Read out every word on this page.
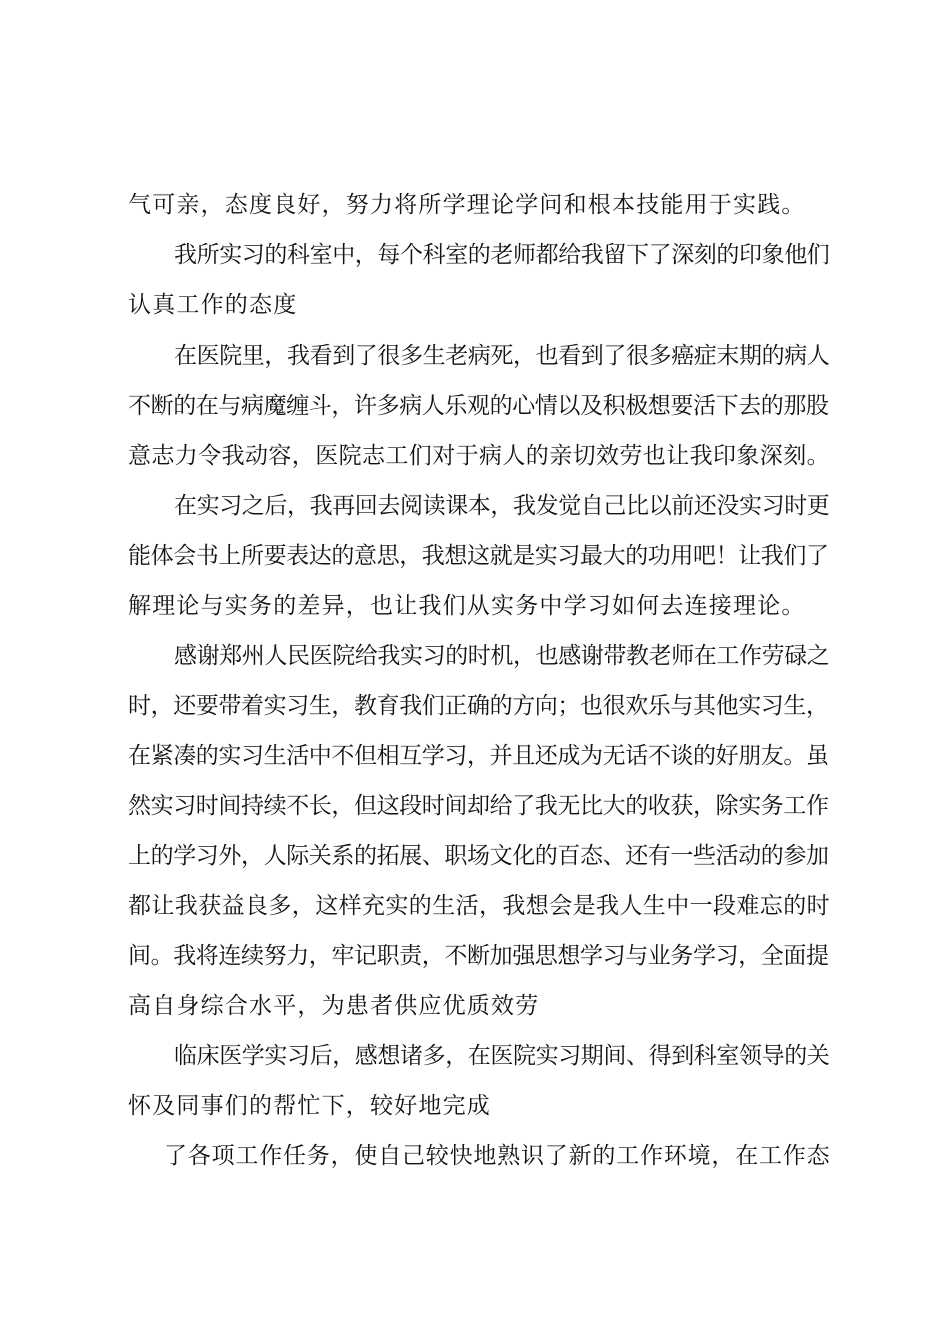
气可亲，态度良好，努力将所学理论学问和根本技能用于实践。
我所实习的科室中，每个科室的老师都给我留下了深刻的印象他们
认真工作的态度
在医院里，我看到了很多生老病死，也看到了很多癌症末期的病人
不断的在与病魔缠斗，许多病人乐观的心情以及积极想要活下去的那股
意志力令我动容，医院志工们对于病人的亲切效劳也让我印象深刻。
在实习之后，我再回去阅读课本，我发觉自己比以前还没实习时更
能体会书上所要表达的意思，我想这就是实习最大的功用吧！让我们了
解理论与实务的差异，也让我们从实务中学习如何去连接理论。
感谢郑州人民医院给我实习的时机，也感谢带教老师在工作劳碌之
时，还要带着实习生，教育我们正确的方向；也很欢乐与其他实习生，
在紧凑的实习生活中不但相互学习，并且还成为无话不谈的好朋友。虽
然实习时间持续不长，但这段时间却给了我无比大的收获，除实务工作
上的学习外，人际关系的拓展、职场文化的百态、还有一些活动的参加
都让我获益良多，这样充实的生活，我想会是我人生中一段难忘的时
间。我将连续努力，牢记职责，不断加强思想学习与业务学习，全面提
高自身综合水平，为患者供应优质效劳
临床医学实习后，感想诸多，在医院实习期间、得到科室领导的关
怀及同事们的帮忙下，较好地完成
了各项工作任务，使自己较快地熟识了新的工作环境，在工作态
